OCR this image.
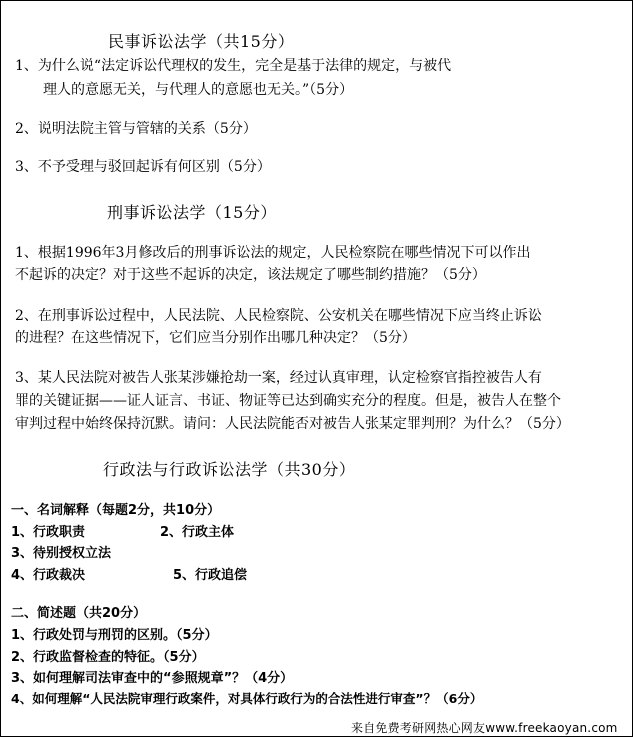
民事诉讼法学（共15分）
1、为什么说“法定诉讼代理权的发生，完全是基于法律的规定，与被代
理人的意愿无关，与代理人的意愿也无关。”（5分）
2、说明法院主管与管辖的关系（5分）
3、不予受理与驳回起诉有何区别（5分）
刑事诉讼法学（15分）
1、根据1996年3月修改后的刑事诉讼法的规定，人民检察院在哪些情况下可以作出
不起诉的决定？对于这些不起诉的决定，该法规定了哪些制约措施？（5分）
2、在刑事诉讼过程中，人民法院、人民检察院、公安机关在哪些情况下应当终止诉讼
的进程？在这些情况下，它们应当分别作出哪几种决定？（5分）
3、某人民法院对被告人张某涉嫌抢劫一案，经过认真审理，认定检察官指控被告人有
罪的关键证据——证人证言、书证、物证等已达到确实充分的程度。但是，被告人在整个
审判过程中始终保持沉默。请问：人民法院能否对被告人张某定罪判刑？为什么？（5分）
行政法与行政诉讼法学（共30分）
一、名词解释（每题2分，共10分）
1、行政职责	2、行政主体
3、待别授权立法
4、行政裁决	5、行政追偿
二、简述题（共20分）
1、行政处罚与刑罚的区别。（5分）
2、行政监督检查的特征。（5分）
3、如何理解司法审查中的“参照规章”？（4分）
4、如何理解“人民法院审理行政案件，对具体行政行为的合法性进行审查”？（6分）
来自免费考研网热心网友www.freekaoyan.com
